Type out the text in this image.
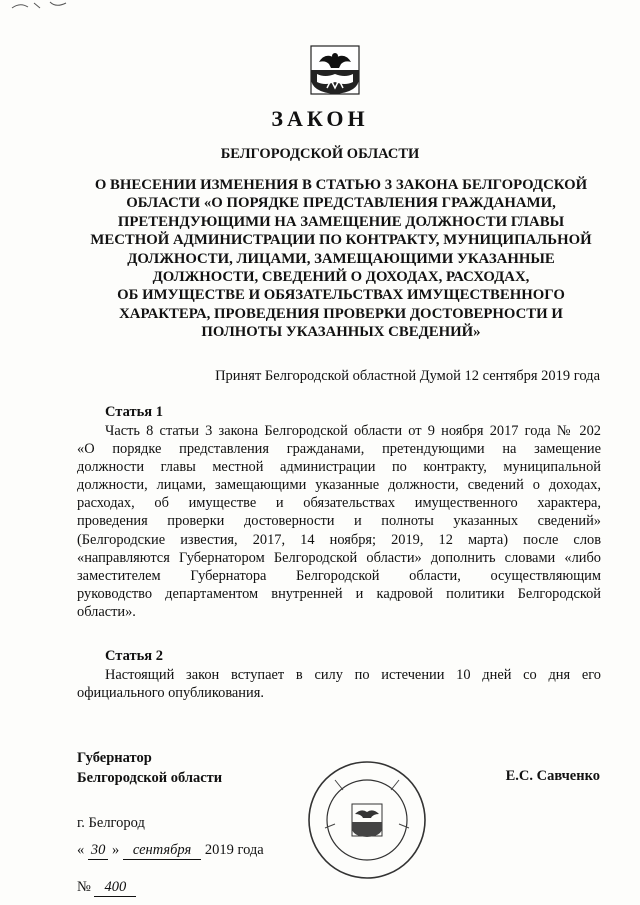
ЗАКОН
БЕЛГОРОДСКОЙ ОБЛАСТИ
О ВНЕСЕНИИ ИЗМЕНЕНИЯ В СТАТЬЮ 3 ЗАКОНА БЕЛГОРОДСКОЙ
ОБЛАСТИ «О ПОРЯДКЕ ПРЕДСТАВЛЕНИЯ ГРАЖДАНАМИ,
ПРЕТЕНДУЮЩИМИ НА ЗАМЕЩЕНИЕ ДОЛЖНОСТИ ГЛАВЫ
МЕСТНОЙ АДМИНИСТРАЦИИ ПО КОНТРАКТУ, МУНИЦИПАЛЬНОЙ
ДОЛЖНОСТИ, ЛИЦАМИ, ЗАМЕЩАЮЩИМИ УКАЗАННЫЕ
ДОЛЖНОСТИ, СВЕДЕНИЙ О ДОХОДАХ, РАСХОДАХ,
ОБ ИМУЩЕСТВЕ И ОБЯЗАТЕЛЬСТВАХ ИМУЩЕСТВЕННОГО
ХАРАКТЕРА, ПРОВЕДЕНИЯ ПРОВЕРКИ ДОСТОВЕРНОСТИ И
ПОЛНОТЫ УКАЗАННЫХ СВЕДЕНИЙ»
Принят Белгородской областной Думой 12 сентября 2019 года
Статья 1
Часть 8 статьи 3 закона Белгородской области от 9 ноября 2017 года № 202
«О порядке представления гражданами, претендующими на замещение
должности главы местной администрации по контракту, муниципальной
должности, лицами, замещающими указанные должности, сведений о доходах,
расходах, об имуществе и обязательствах имущественного характера,
проведения проверки достоверности и полноты указанных сведений»
(Белгородские известия, 2017, 14 ноября; 2019, 12 марта) после слов
«направляются Губернатором Белгородской области» дополнить словами «либо
заместителем Губернатора Белгородской области, осуществляющим
руководство департаментом внутренней и кадровой политики Белгородской
области».
Статья 2
Настоящий закон вступает в силу по истечении 10 дней со дня его
официального опубликования.
Губернатор
Белгородской области	Е.С. Савченко
г. Белгород
« 30 » сентября 2019 года
№ 400
